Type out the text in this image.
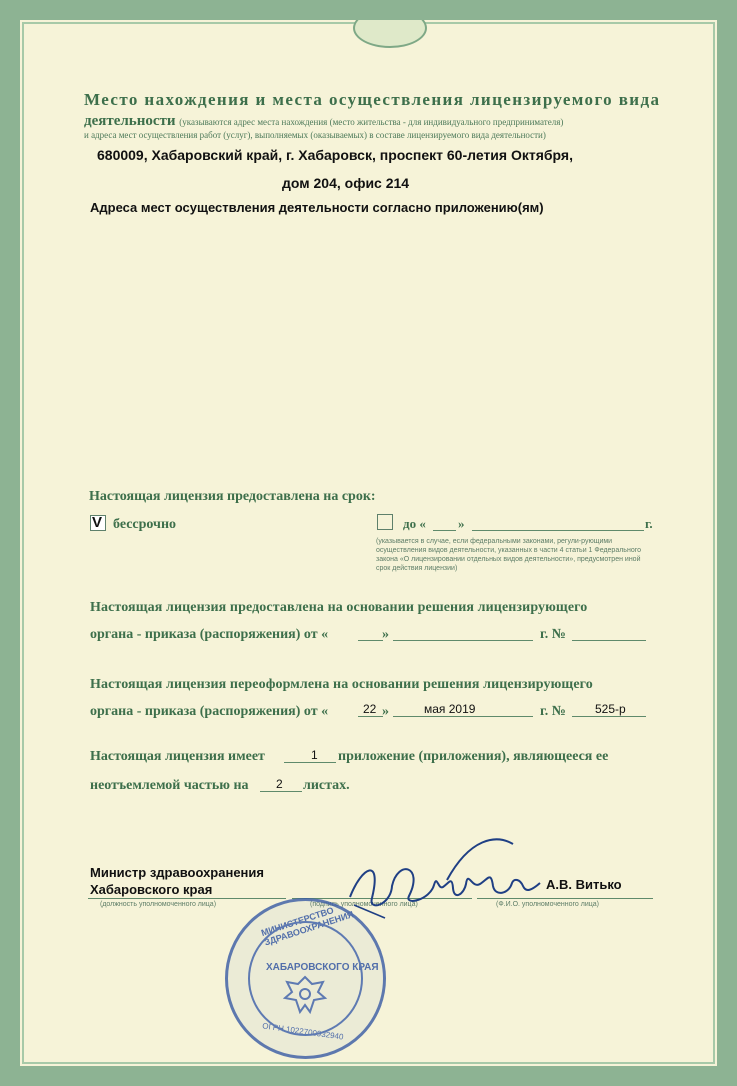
Место нахождения и места осуществления лицензируемого вида
деятельности (указываются адрес места нахождения (место жительства - для индивидуального предпринимателя)
и адреса мест осуществления работ (услуг), выполняемых (оказываемых) в составе лицензируемого вида деятельности)
680009, Хабаровский край, г. Хабаровск, проспект 60-летия Октября,
дом 204, офис 214
Адреса мест осуществления деятельности согласно приложению(ям)
Настоящая лицензия предоставлена на срок:
V бессрочно	до « »	г.
(указывается в случае, если федеральными законами, регули-рующими осуществления видов деятельности, указанных в части 4 статьи 1 Федерального закона «О лицензировании отдельных видов деятельности», предусмотрен иной срок действия лицензии)
Настоящая лицензия предоставлена на основании решения лицензирующего
органа - приказа (распоряжения) от «	»	г. №
Настоящая лицензия переоформлена на основании решения лицензирующего
органа - приказа (распоряжения) от «	22 »	мая 2019	г. № 525-р
Настоящая лицензия имеет	1 приложение (приложения), являющееся ее
неотъемлемой частью на 2 листах.
Министр здравоохранения
Хабаровского края	А.В. Витько
(должность уполномоченного лица)	(подпись уполномоченного лица)	(Ф.И.О. уполномоченного лица)
МИНИСТЕРСТВО ЗДРАВООХРАНЕНИЯ
ХАБАРОВСКОГО КРАЯ
ОГРН 1022700932940
